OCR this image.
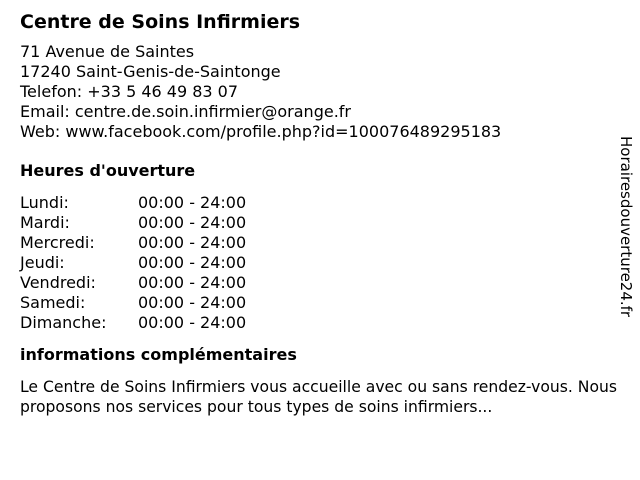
Centre de Soins Infirmiers
71 Avenue de Saintes
17240 Saint-Genis-de-Saintonge
Telefon: +33 5 46 49 83 07
Email: centre.de.soin.infirmier@orange.fr
Web: www.facebook.com/profile.php?id=100076489295183
Heures d'ouverture
Lundi:	00:00 - 24:00
Mardi:	00:00 - 24:00
Mercredi:	00:00 - 24:00
Jeudi:	00:00 - 24:00
Vendredi:	00:00 - 24:00
Samedi:	00:00 - 24:00
Dimanche:	00:00 - 24:00
informations complémentaires
Le Centre de Soins Infirmiers vous accueille avec ou sans rendez-vous. Nous proposons nos services pour tous types de soins infirmiers...
Horairesdouverture24.fr
